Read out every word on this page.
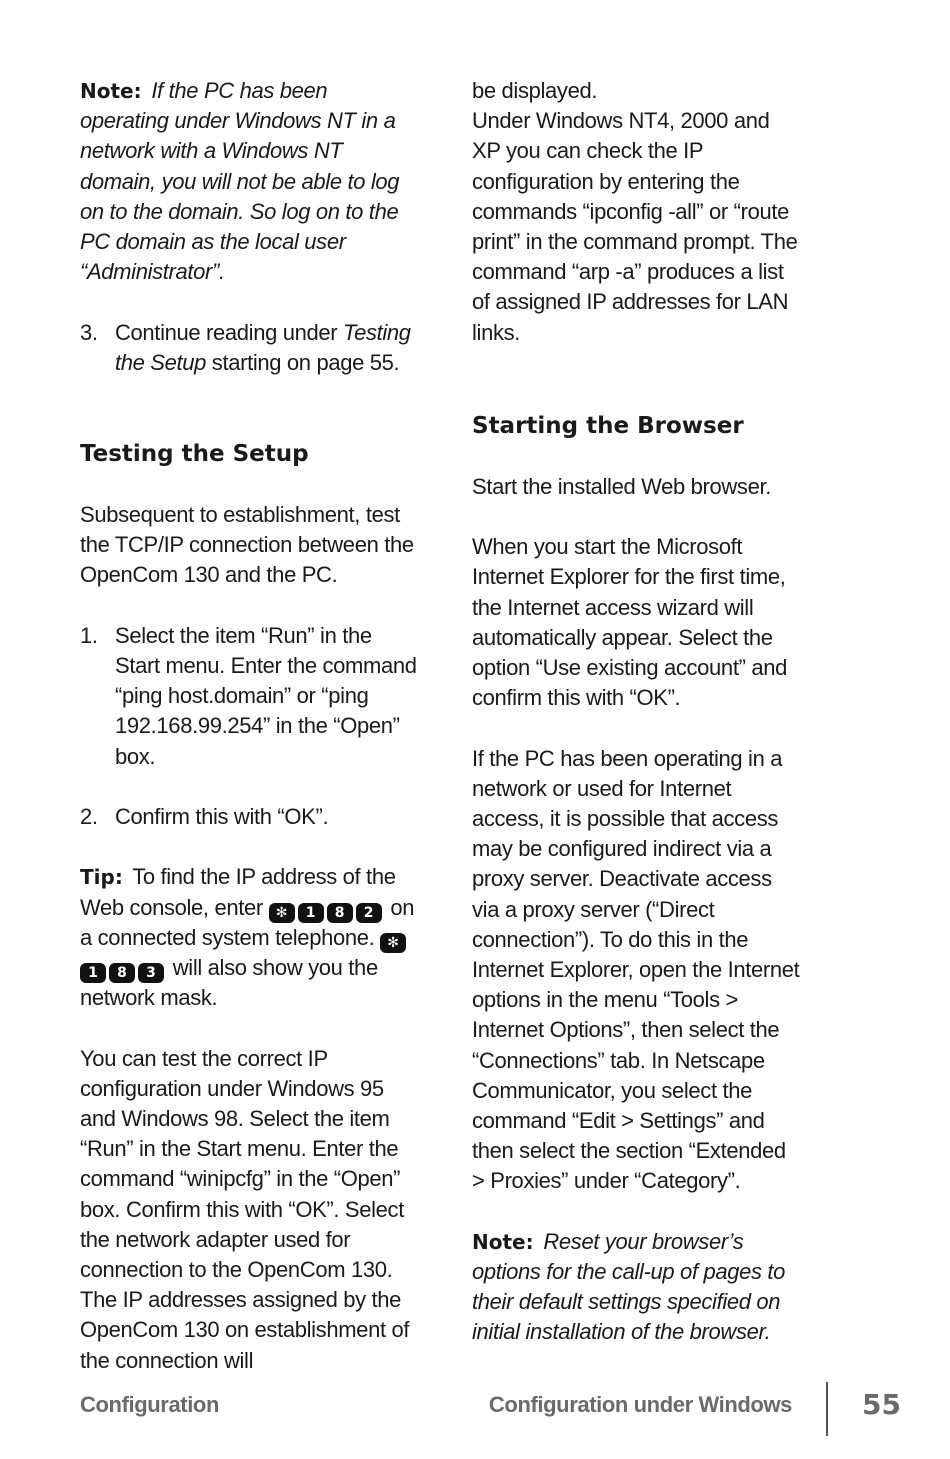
Note: If the PC has been operating under Windows NT in a network with a Windows NT domain, you will not be able to log on to the domain. So log on to the PC domain as the local user “Administrator”.

3. Continue reading under Testing the Setup starting on page 55.
Testing the Setup

Subsequent to establishment, test the TCP/IP connection between the OpenCom 130 and the PC.

1. Select the item “Run” in the Start menu. Enter the command “ping host.domain” or “ping 192.168.99.254” in the “Open” box.
2. Confirm this with “OK”.

Tip: To find the IP address of the Web console, enter ✻ 1 8 2 on a connected system telephone. ✻1 8 3 will also show you the network mask.

You can test the correct IP configuration under Windows 95 and Windows 98. Select the item “Run” in the Start menu. Enter the command “winipcfg” in the “Open” box. Confirm this with “OK”. Select the network adapter used for connection to the OpenCom 130. The IP addresses assigned by the OpenCom 130 on establishment of the connection will

be displayed.

Under Windows NT4, 2000 and XP you can check the IP configuration by entering the commands “ipconfig -all” or “route print” in the command prompt. The command “arp -a” produces a list of assigned IP addresses for LAN links.

Starting the Browser

Start the installed Web browser.

When you start the Microsoft Internet Explorer for the first time, the Internet access wizard will automatically appear. Select the option “Use existing account” and confirm this with “OK”.

If the PC has been operating in a network or used for Internet access, it is possible that access may be configured indirect via a proxy server. Deactivate access via a proxy server (“Direct connection”). To do this in the Internet Explorer, open the Internet options in the menu “Tools > Internet Options”, then select the “Connections” tab. In Netscape Communicator, you select the command “Edit > Settings” and then select the section “Extended > Proxies” under “Category”.

Note: Reset your browser’s options for the call-up of pages to their default settings specified on initial installation of the browser.

Configuration	Configuration under Windows	55
